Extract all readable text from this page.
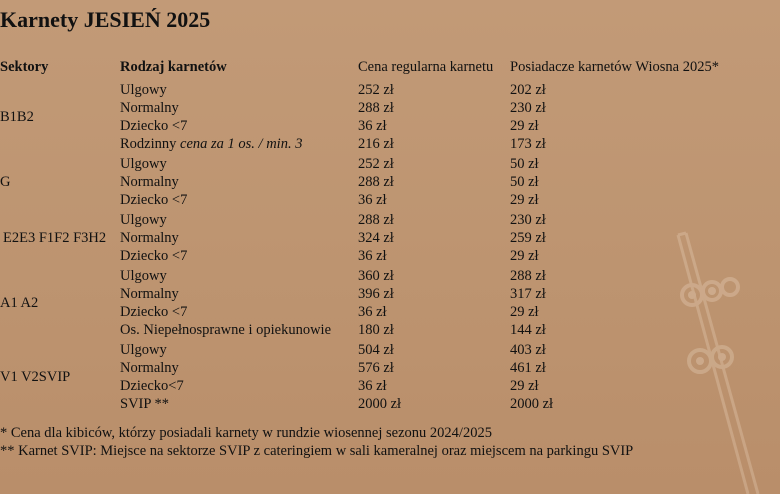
Karnety JESIEŃ 2025
Sektory	Rodzaj karnetów	Cena regularna karnetu	Posiadacze karnetów Wiosna 2025*
B1B2	Ulgowy	252 zł	202 zł
	Normalny	288 zł	230 zł
	Dziecko <7	36 zł	29 zł
	Rodzinny cena za 1 os. / min. 3	216 zł	173 zł
G	Ulgowy	252 zł	50 zł
	Normalny	288 zł	50 zł
	Dziecko <7	36 zł	29 zł
E2E3 F1F2 F3H2	Ulgowy	288 zł	230 zł
	Normalny	324 zł	259 zł
	Dziecko <7	36 zł	29 zł
A1 A2	Ulgowy	360 zł	288 zł
	Normalny	396 zł	317 zł
	Dziecko <7	36 zł	29 zł
	Os. Niepełnosprawne i opiekunowie	180 zł	144 zł
V1 V2SVIP	Ulgowy	504 zł	403 zł
	Normalny	576 zł	461 zł
	Dziecko<7	36 zł	29 zł
	SVIP **	2000 zł	2000 zł
* Cena dla kibiców, którzy posiadali karnety w rundzie wiosennej sezonu 2024/2025
** Karnet SVIP: Miejsce na sektorze SVIP z cateringiem w sali kameralnej oraz miejscem na parkingu SVIP
